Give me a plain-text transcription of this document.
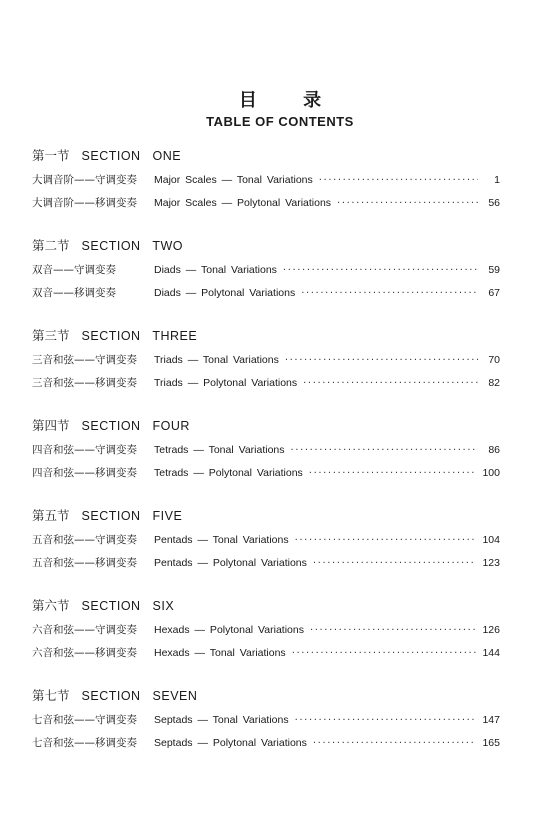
目 录
TABLE OF CONTENTS
第一节 SECTION ONE
大调音阶——守调变奏	Major Scales — Tonal Variations ·····	1
大调音阶——移调变奏	Major Scales — Polytonal Variations ·····	56
第二节 SECTION TWO
双音——守调变奏	Diads — Tonal Variations ·····	59
双音——移调变奏	Diads — Polytonal Variations ·····	67
第三节 SECTION THREE
三音和弦——守调变奏	Triads — Tonal Variations ·····	70
三音和弦——移调变奏	Triads — Polytonal Variations ·····	82
第四节 SECTION FOUR
四音和弦——守调变奏	Tetrads — Tonal Variations ·····	86
四音和弦——移调变奏	Tetrads — Polytonal Variations ·····	100
第五节 SECTION FIVE
五音和弦——守调变奏	Pentads — Tonal Variations ·····	104
五音和弦——移调变奏	Pentads — Polytonal Variations ·····	123
第六节 SECTION SIX
六音和弦——守调变奏	Hexads — Polytonal Variations ·····	126
六音和弦——移调变奏	Hexads — Tonal Variations ·····	144
第七节 SECTION SEVEN
七音和弦——守调变奏	Septads — Tonal Variations ·····	147
七音和弦——移调变奏	Septads — Polytonal Variations ·····	165
